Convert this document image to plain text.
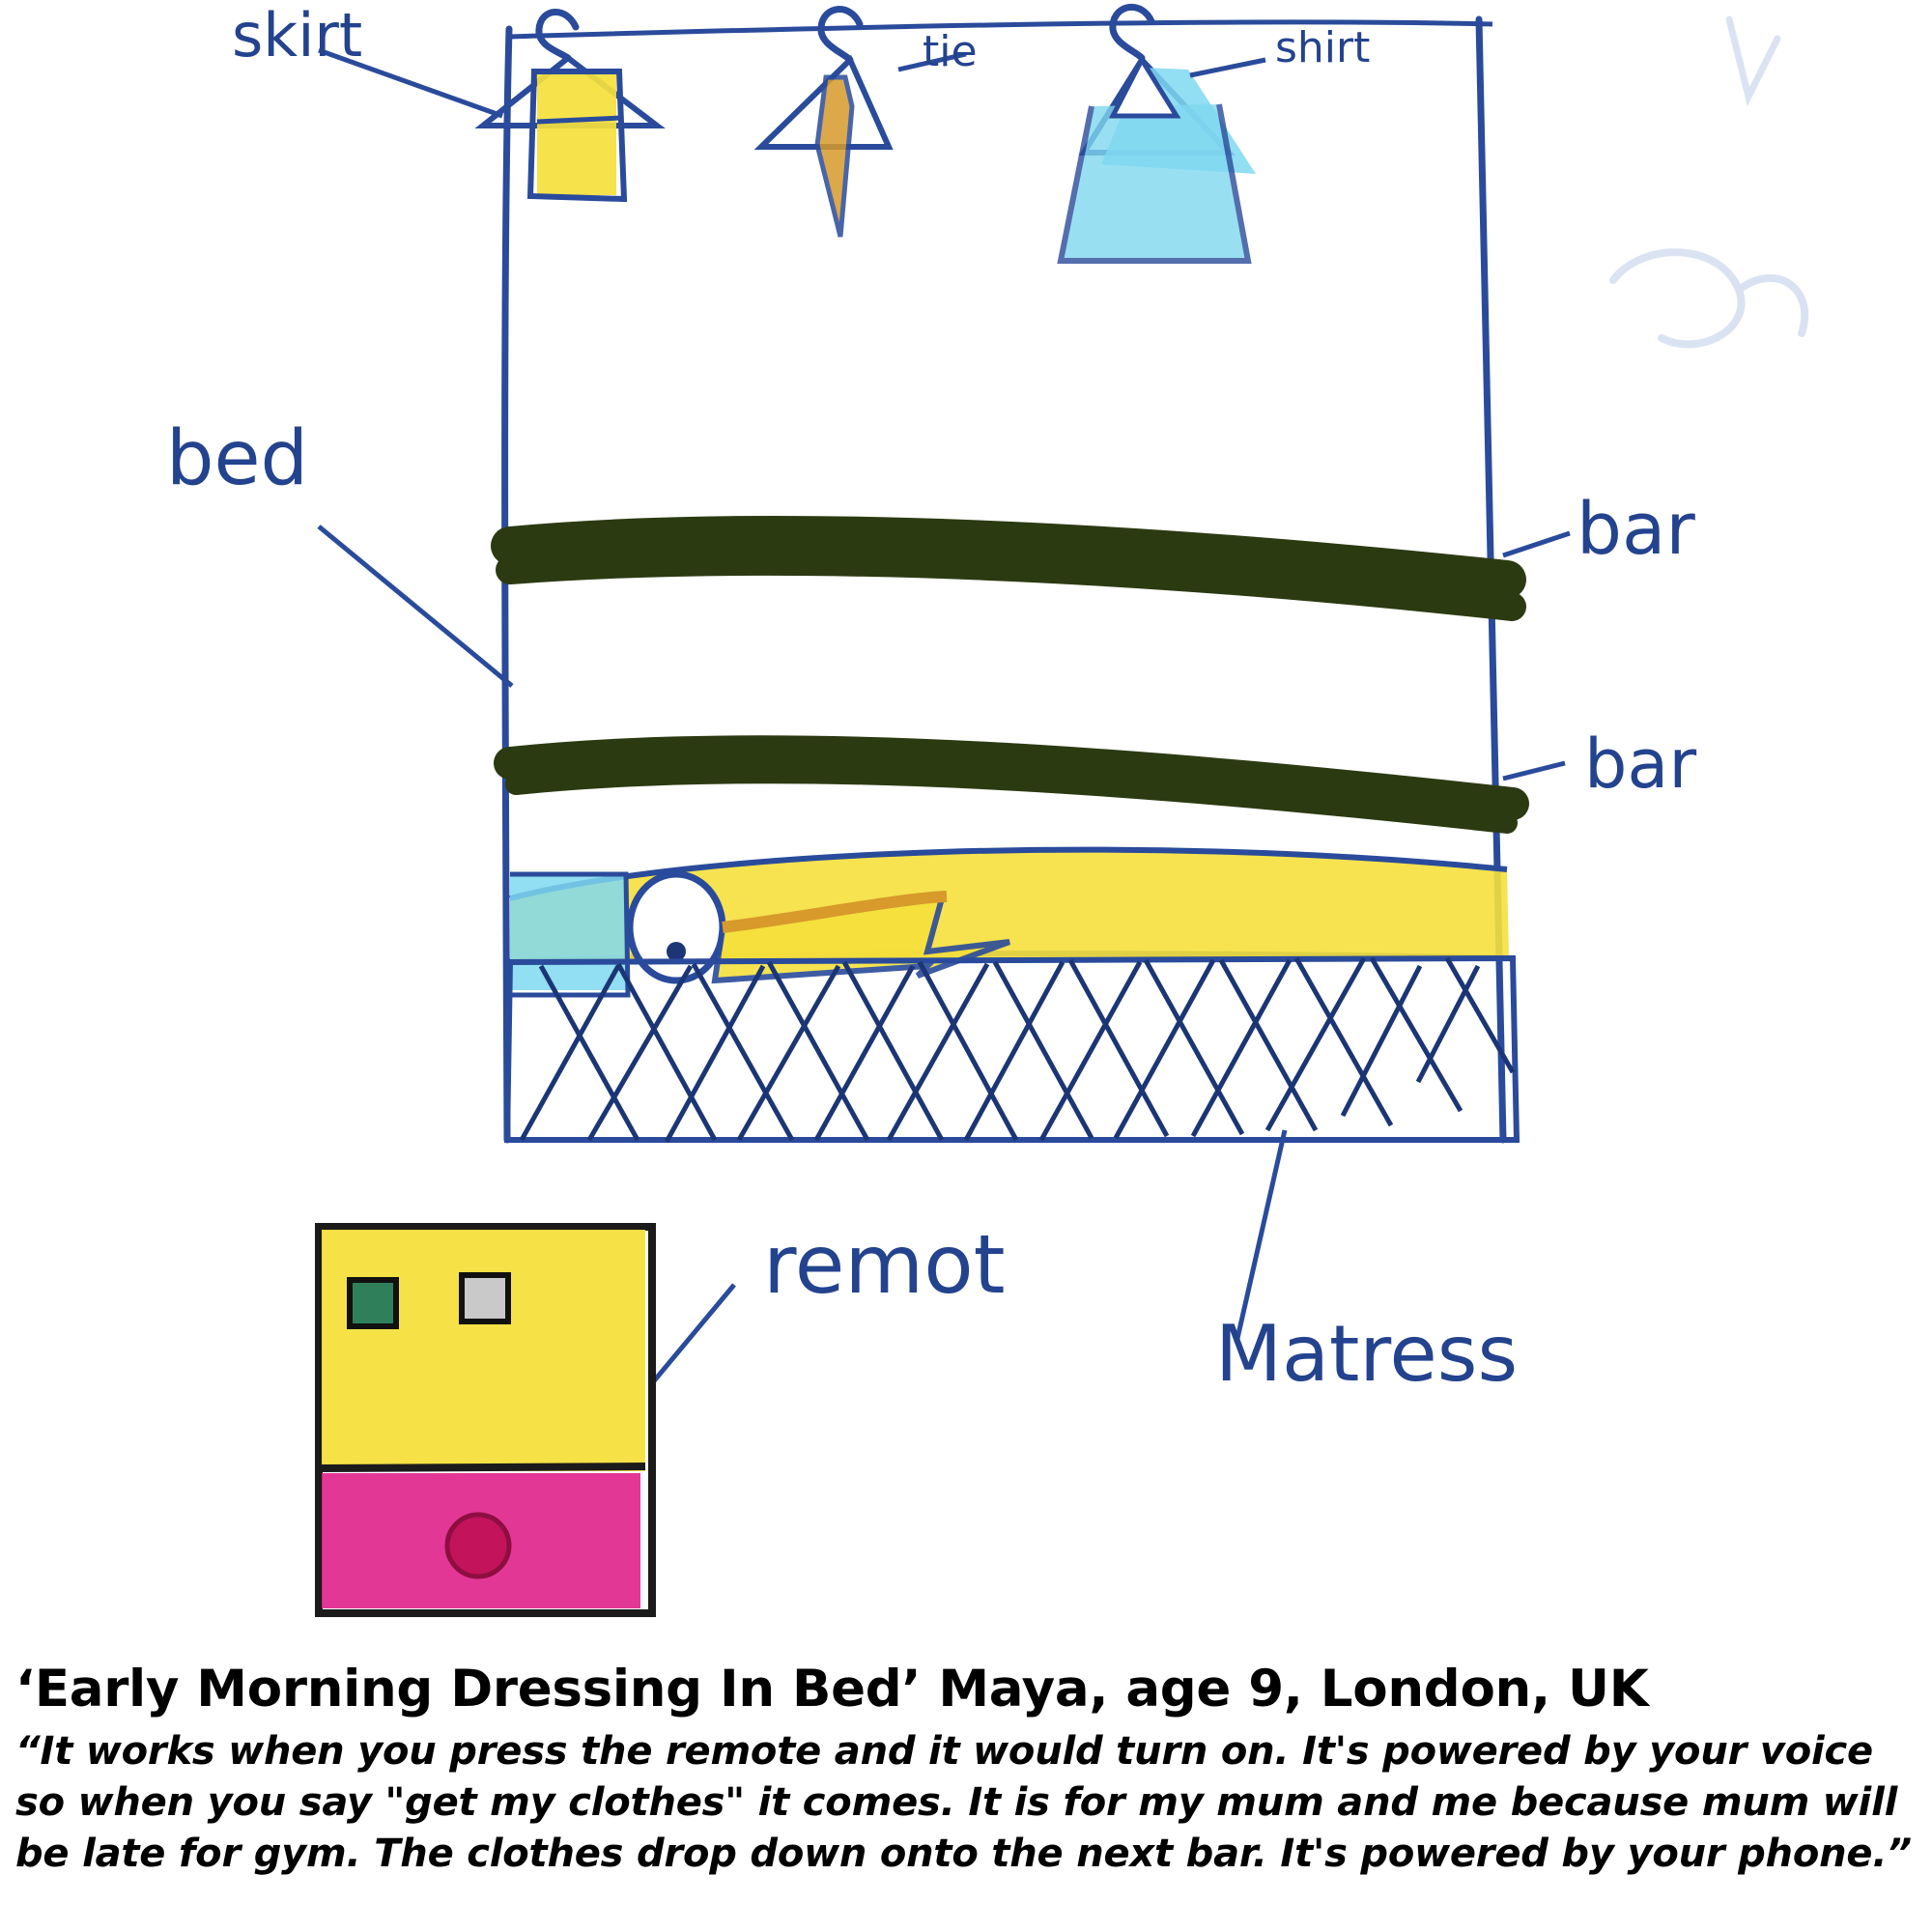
skirt	tie	shirt
bed
bar
bar
remot
Matress
‘Early Morning Dressing In Bed’ Maya, age 9, London, UK

“It works when you press the remote and it would turn on. It's powered by your voice so when you say "get my clothes" it comes. It is for my mum and me because mum will be late for gym. The clothes drop down onto the next bar. It's powered by your phone.”
